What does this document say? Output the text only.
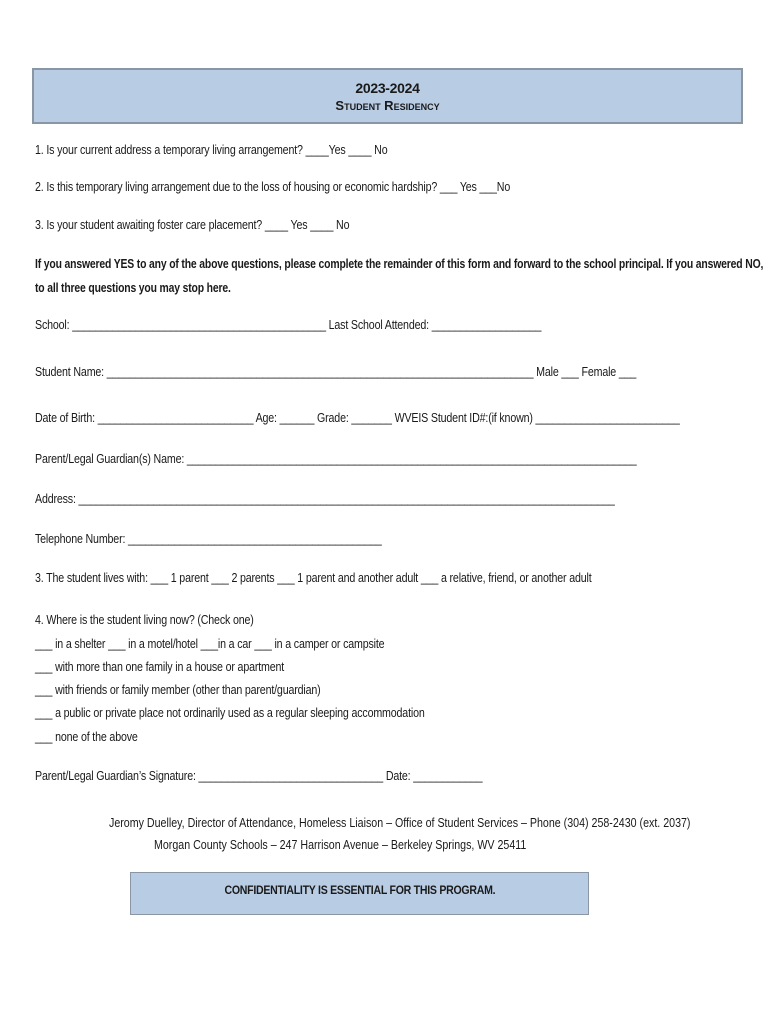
2023-2024
Student Residency
1. Is your current address a temporary living arrangement? ____Yes ____ No
2. Is this temporary living arrangement due to the loss of housing or economic hardship? ___ Yes ___No
3. Is your student awaiting foster care placement? ____ Yes ____ No
If you answered YES to any of the above questions, please complete the remainder of this form and forward to the school principal. If you answered NO,
to all three questions you may stop here.
School: ____________________________________________ Last School Attended: ___________________
Student Name: __________________________________________________________________________ Male ___ Female ___
Date of Birth: ___________________________ Age: ______ Grade: _______ WVEIS Student ID#:(if known) _________________________
Parent/Legal Guardian(s) Name: ______________________________________________________________________________
Address: _____________________________________________________________________________________________
Telephone Number: ____________________________________________
3. The student lives with: ___ 1 parent ___ 2 parents ___ 1 parent and another adult ___ a relative, friend, or another adult
4. Where is the student living now? (Check one)
___ in a shelter ___ in a motel/hotel ___in a car ___ in a camper or campsite
___ with more than one family in a house or apartment
___ with friends or family member (other than parent/guardian)
___ a public or private place not ordinarily used as a regular sleeping accommodation
___ none of the above
Parent/Legal Guardian’s Signature: ________________________________ Date: ____________
Jeromy Duelley, Director of Attendance, Homeless Liaison – Office of Student Services – Phone (304) 258-2430 (ext. 2037)
Morgan County Schools – 247 Harrison Avenue – Berkeley Springs, WV 25411
CONFIDENTIALITY IS ESSENTIAL FOR THIS PROGRAM.
